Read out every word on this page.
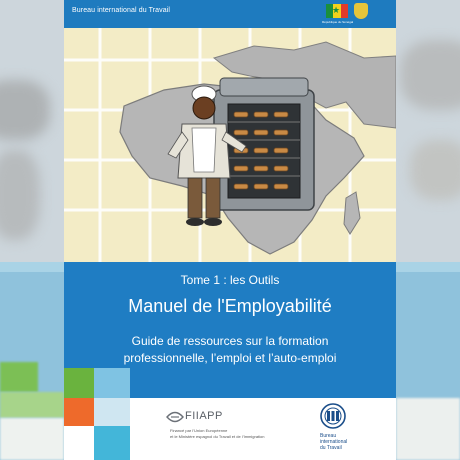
Bureau international du Travail	★
République du Sénégal
Tome 1 : les Outils
Manuel de l'Employabilité
Guide de ressources sur la formation
professionnelle, l’emploi et l’auto-emploi
FIIAPP
Financé par l’Union Européenne
et le Ministère espagnol du Travail et de l’Immigration	Bureau
international
du Travail
